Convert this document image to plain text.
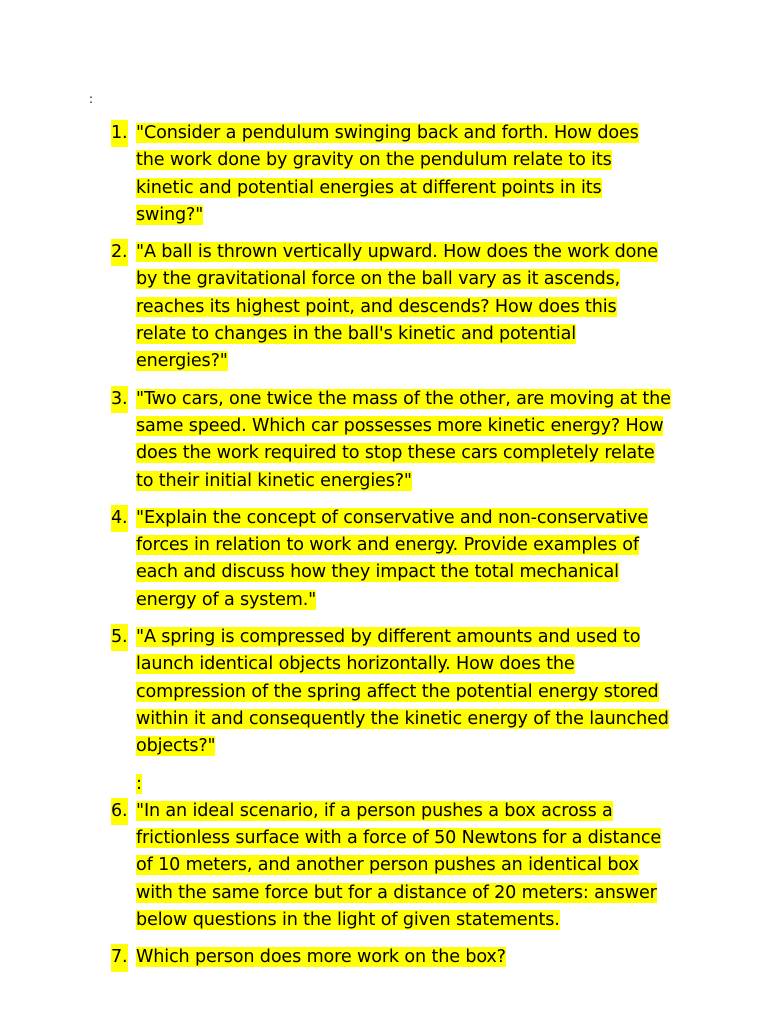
:
1. "Consider a pendulum swinging back and forth. How does the work done by gravity on the pendulum relate to its kinetic and potential energies at different points in its swing?"
2. "A ball is thrown vertically upward. How does the work done by the gravitational force on the ball vary as it ascends, reaches its highest point, and descends? How does this relate to changes in the ball's kinetic and potential energies?"
3. "Two cars, one twice the mass of the other, are moving at the same speed. Which car possesses more kinetic energy? How does the work required to stop these cars completely relate to their initial kinetic energies?"
4. "Explain the concept of conservative and non-conservative forces in relation to work and energy. Provide examples of each and discuss how they impact the total mechanical energy of a system."
5. "A spring is compressed by different amounts and used to launch identical objects horizontally. How does the compression of the spring affect the potential energy stored within it and consequently the kinetic energy of the launched objects?"
:
6. "In an ideal scenario, if a person pushes a box across a frictionless surface with a force of 50 Newtons for a distance of 10 meters, and another person pushes an identical box with the same force but for a distance of 20 meters: answer below questions in the light of given statements.
7. Which person does more work on the box?
